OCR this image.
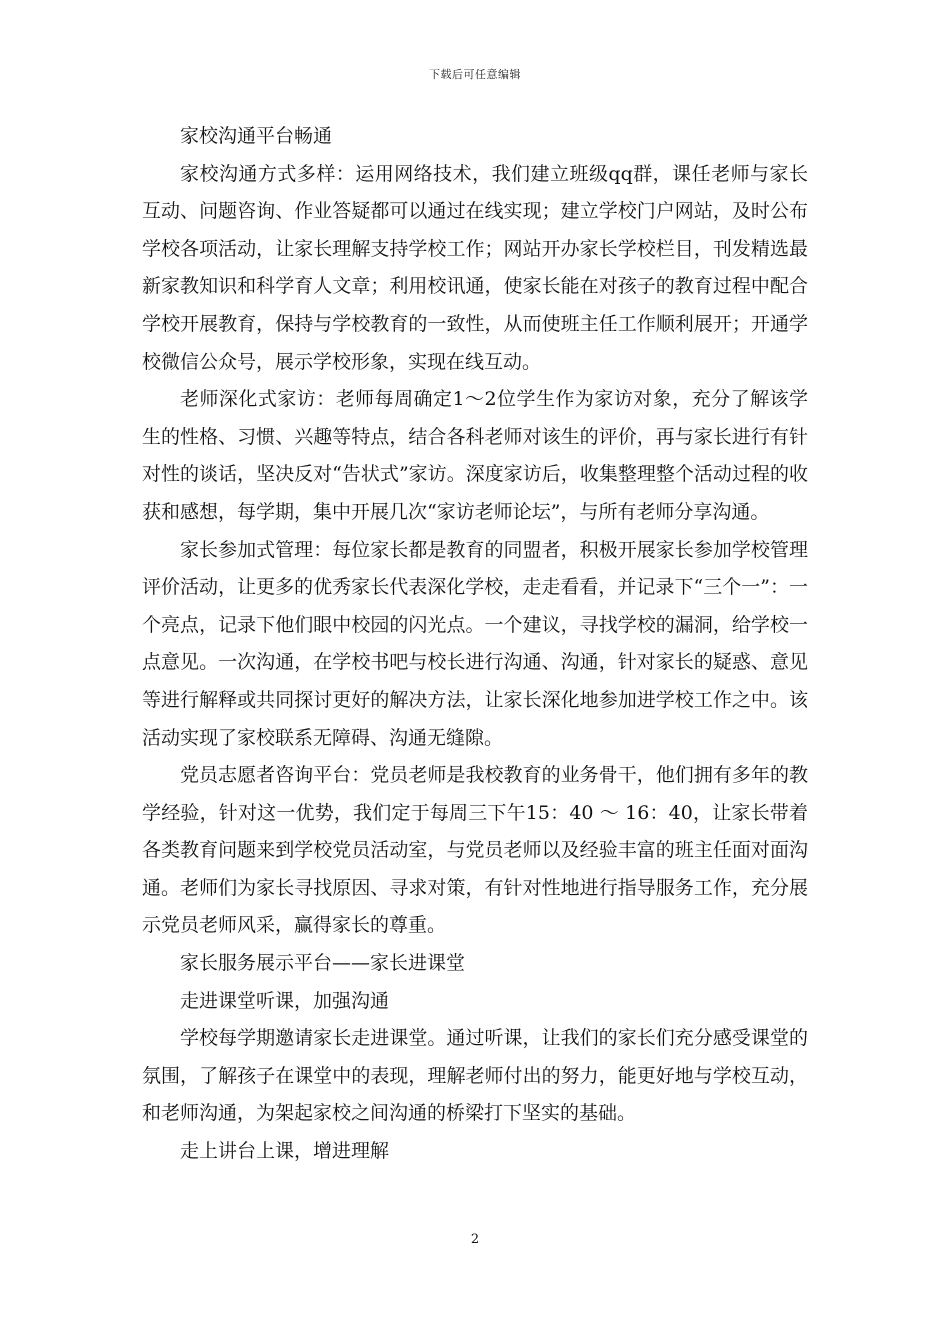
下载后可任意编辑

家校沟通平台畅通

家校沟通方式多样：运用网络技术，我们建立班级qq群，课任老师与家长互动、问题咨询、作业答疑都可以通过在线实现；建立学校门户网站，及时公布学校各项活动，让家长理解支持学校工作；网站开办家长学校栏目，刊发精选最新家教知识和科学育人文章；利用校讯通，使家长能在对孩子的教育过程中配合学校开展教育，保持与学校教育的一致性，从而使班主任工作顺利展开；开通学校微信公众号，展示学校形象，实现在线互动。

老师深化式家访：老师每周确定1～2位学生作为家访对象，充分了解该学生的性格、习惯、兴趣等特点，结合各科老师对该生的评价，再与家长进行有针对性的谈话，坚决反对“告状式”家访。深度家访后，收集整理整个活动过程的收获和感想，每学期，集中开展几次“家访老师论坛”，与所有老师分享沟通。

家长参加式管理：每位家长都是教育的同盟者，积极开展家长参加学校管理评价活动，让更多的优秀家长代表深化学校，走走看看，并记录下“三个一”：一个亮点，记录下他们眼中校园的闪光点。一个建议，寻找学校的漏洞，给学校一点意见。一次沟通，在学校书吧与校长进行沟通、沟通，针对家长的疑惑、意见等进行解释或共同探讨更好的解决方法，让家长深化地参加进学校工作之中。该活动实现了家校联系无障碍、沟通无缝隙。

党员志愿者咨询平台：党员老师是我校教育的业务骨干，他们拥有多年的教学经验，针对这一优势，我们定于每周三下午15：40 ～ 16：40，让家长带着各类教育问题来到学校党员活动室，与党员老师以及经验丰富的班主任面对面沟通。老师们为家长寻找原因、寻求对策，有针对性地进行指导服务工作，充分展示党员老师风采，赢得家长的尊重。

家长服务展示平台——家长进课堂

走进课堂听课，加强沟通

学校每学期邀请家长走进课堂。通过听课，让我们的家长们充分感受课堂的氛围，了解孩子在课堂中的表现，理解老师付出的努力，能更好地与学校互动，和老师沟通，为架起家校之间沟通的桥梁打下坚实的基础。

走上讲台上课，增进理解

2
